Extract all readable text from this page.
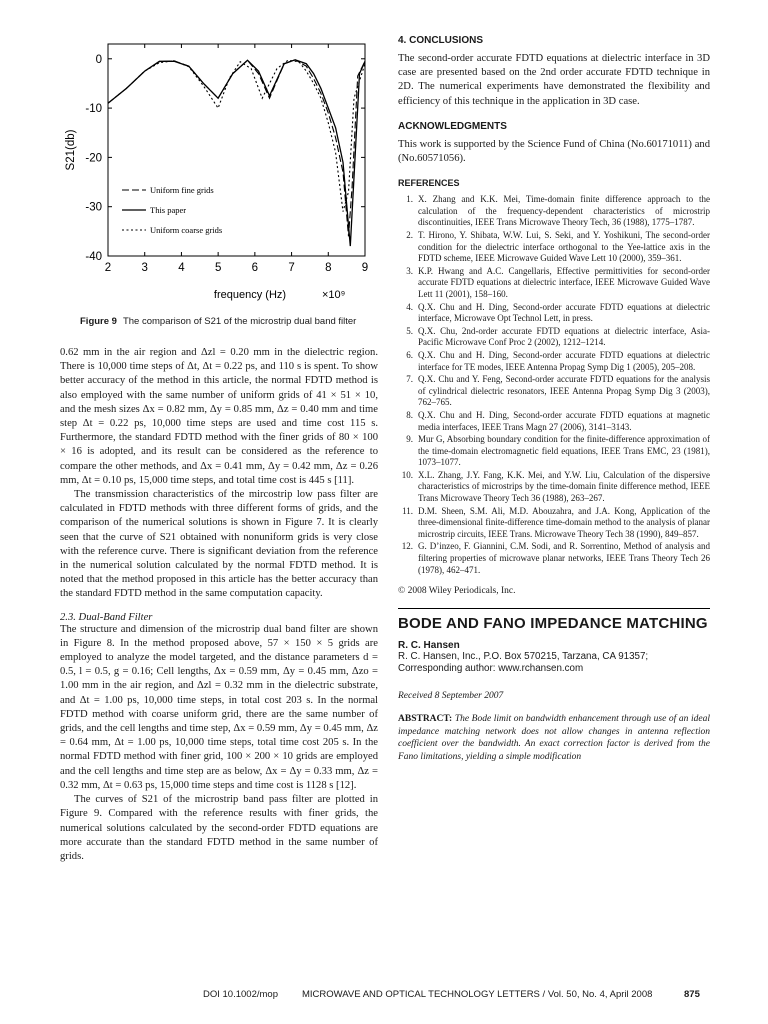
2	3	4	5	6	7	8	9
0
-10
-20
-30
-40
frequency (Hz)	×10⁹
S21(db)
Uniform fine grids
This paper
Uniform coarse grids
Figure 9 The comparison of S21 of the microstrip dual band filter

0.62 mm in the air region and Δzl = 0.20 mm in the dielectric region. There is 10,000 time steps of Δt, Δt = 0.22 ps, and 110 s is spent. To show better accuracy of the method in this article, the normal FDTD method is also employed with the same number of uniform grids of 41 × 51 × 10, and the mesh sizes Δx = 0.82 mm, Δy = 0.85 mm, Δz = 0.40 mm and time step Δt = 0.22 ps, 10,000 time steps are used and time cost 115 s. Furthermore, the standard FDTD method with the finer grids of 80 × 100 × 16 is adopted, and its result can be considered as the reference to compare the other methods, and Δx = 0.41 mm, Δy = 0.42 mm, Δz = 0.26 mm, Δt = 0.10 ps, 15,000 time steps, and total time cost is 445 s [11].

The transmission characteristics of the mircostrip low pass filter are calculated in FDTD methods with three different forms of grids, and the comparison of the numerical solutions is shown in Figure 7. It is clearly seen that the curve of S21 obtained with nonuniform grids is very close with the reference curve. There is significant deviation from the reference in the numerical solution calculated by the normal FDTD method. It is noted that the method proposed in this article has the better accuracy than the standard FDTD method in the same computation capacity.

2.3. Dual-Band Filter

The structure and dimension of the microstrip dual band filter are shown in Figure 8. In the method proposed above, 57 × 150 × 5 grids are employed to analyze the model targeted, and the distance parameters d = 0.5, l = 0.5, g = 0.16; Cell lengths, Δx = 0.59 mm, Δy = 0.45 mm, Δzo = 1.00 mm in the air region, and Δzl = 0.32 mm in the dielectric substrate, and Δt = 1.00 ps, 10,000 time steps, in total cost 203 s. In the normal FDTD method with coarse uniform grid, there are the same number of grids, and the cell lengths and time step, Δx = 0.59 mm, Δy = 0.45 mm, Δz = 0.64 mm, Δt = 1.00 ps, 10,000 time steps, total time cost 205 s. In the normal FDTD method with finer grid, 100 × 200 × 10 grids are employed and the cell lengths and time step are as below, Δx = Δy = 0.33 mm, Δz = 0.32 mm, Δt = 0.63 ps, 15,000 time steps and time cost is 1128 s [12].

The curves of S21 of the microstrip band pass filter are plotted in Figure 9. Compared with the reference results with finer grids, the numerical solutions calculated by the second-order FDTD equations are more accurate than the standard FDTD method in the same number of grids.

4. CONCLUSIONS

The second-order accurate FDTD equations at dielectric interface in 3D case are presented based on the 2nd order accurate FDTD technique in 2D. The numerical experiments have demonstrated the flexibility and efficiency of this technique in the application in 3D case.

ACKNOWLEDGMENTS

This work is supported by the Science Fund of China (No.60171011) and (No.60571056).

REFERENCES

1. X. Zhang and K.K. Mei, Time-domain finite difference approach to the calculation of the frequency-dependent characteristics of microstrip discontinuities, IEEE Trans Microwave Theory Tech, 36 (1988), 1775–1787.
2. T. Hirono, Y. Shibata, W.W. Lui, S. Seki, and Y. Yoshikuni, The second-order condition for the dielectric interface orthogonal to the Yee-lattice axis in the FDTD scheme, IEEE Microwave Guided Wave Lett 10 (2000), 359–361.
3. K.P. Hwang and A.C. Cangellaris, Effective permittivities for second-order accurate FDTD equations at dielectric interface, IEEE Microwave Guided Wave Lett 11 (2001), 158–160.
4. Q.X. Chu and H. Ding, Second-order accurate FDTD equations at dielectric interface, Microwave Opt Technol Lett, in press.
5. Q.X. Chu, 2nd-order accurate FDTD equations at dielectric interface, Asia-Pacific Microwave Conf Proc 2 (2002), 1212–1214.
6. Q.X. Chu and H. Ding, Second-order accurate FDTD equations at dielectric interface for TE modes, IEEE Antenna Propag Symp Dig 1 (2005), 205–208.
7. Q.X. Chu and Y. Feng, Second-order accurate FDTD equations for the analysis of cylindrical dielectric resonators, IEEE Antenna Propag Symp Dig 3 (2003), 762–765.
8. Q.X. Chu and H. Ding, Second-order accurate FDTD equations at magnetic media interfaces, IEEE Trans Magn 27 (2006), 3141–3143.
9. Mur G, Absorbing boundary condition for the finite-difference approximation of the time-domain electromagnetic field equations, IEEE Trans EMC, 23 (1981), 1073–1077.
10. X.L. Zhang, J.Y. Fang, K.K. Mei, and Y.W. Liu, Calculation of the dispersive characteristics of microstrips by the time-domain finite difference method, IEEE Trans Microwave Theory Tech 36 (1988), 263–267.
11. D.M. Sheen, S.M. Ali, M.D. Abouzahra, and J.A. Kong, Application of the three-dimensional finite-difference time-domain method to the analysis of planar microstrip circuits, IEEE Trans. Microwave Theory Tech 38 (1990), 849–857.
12. G. D’inzeo, F. Giannini, C.M. Sodi, and R. Sorrentino, Method of analysis and filtering properties of microwave planar networks, IEEE Trans Theory Tech 26 (1978), 462–471.

© 2008 Wiley Periodicals, Inc.

BODE AND FANO IMPEDANCE MATCHING

R. C. Hansen

R. C. Hansen, Inc., P.O. Box 570215, Tarzana, CA 91357;

Corresponding author: www.rchansen.com

Received 8 September 2007

ABSTRACT: The Bode limit on bandwidth enhancement through use of an ideal impedance matching network does not allow changes in antenna reflection coefficient over the bandwidth. An exact correction factor is derived from the Fano limitations, yielding a simple modification

DOI 10.1002/mop	MICROWAVE AND OPTICAL TECHNOLOGY LETTERS / Vol. 50, No. 4, April 2008	875
